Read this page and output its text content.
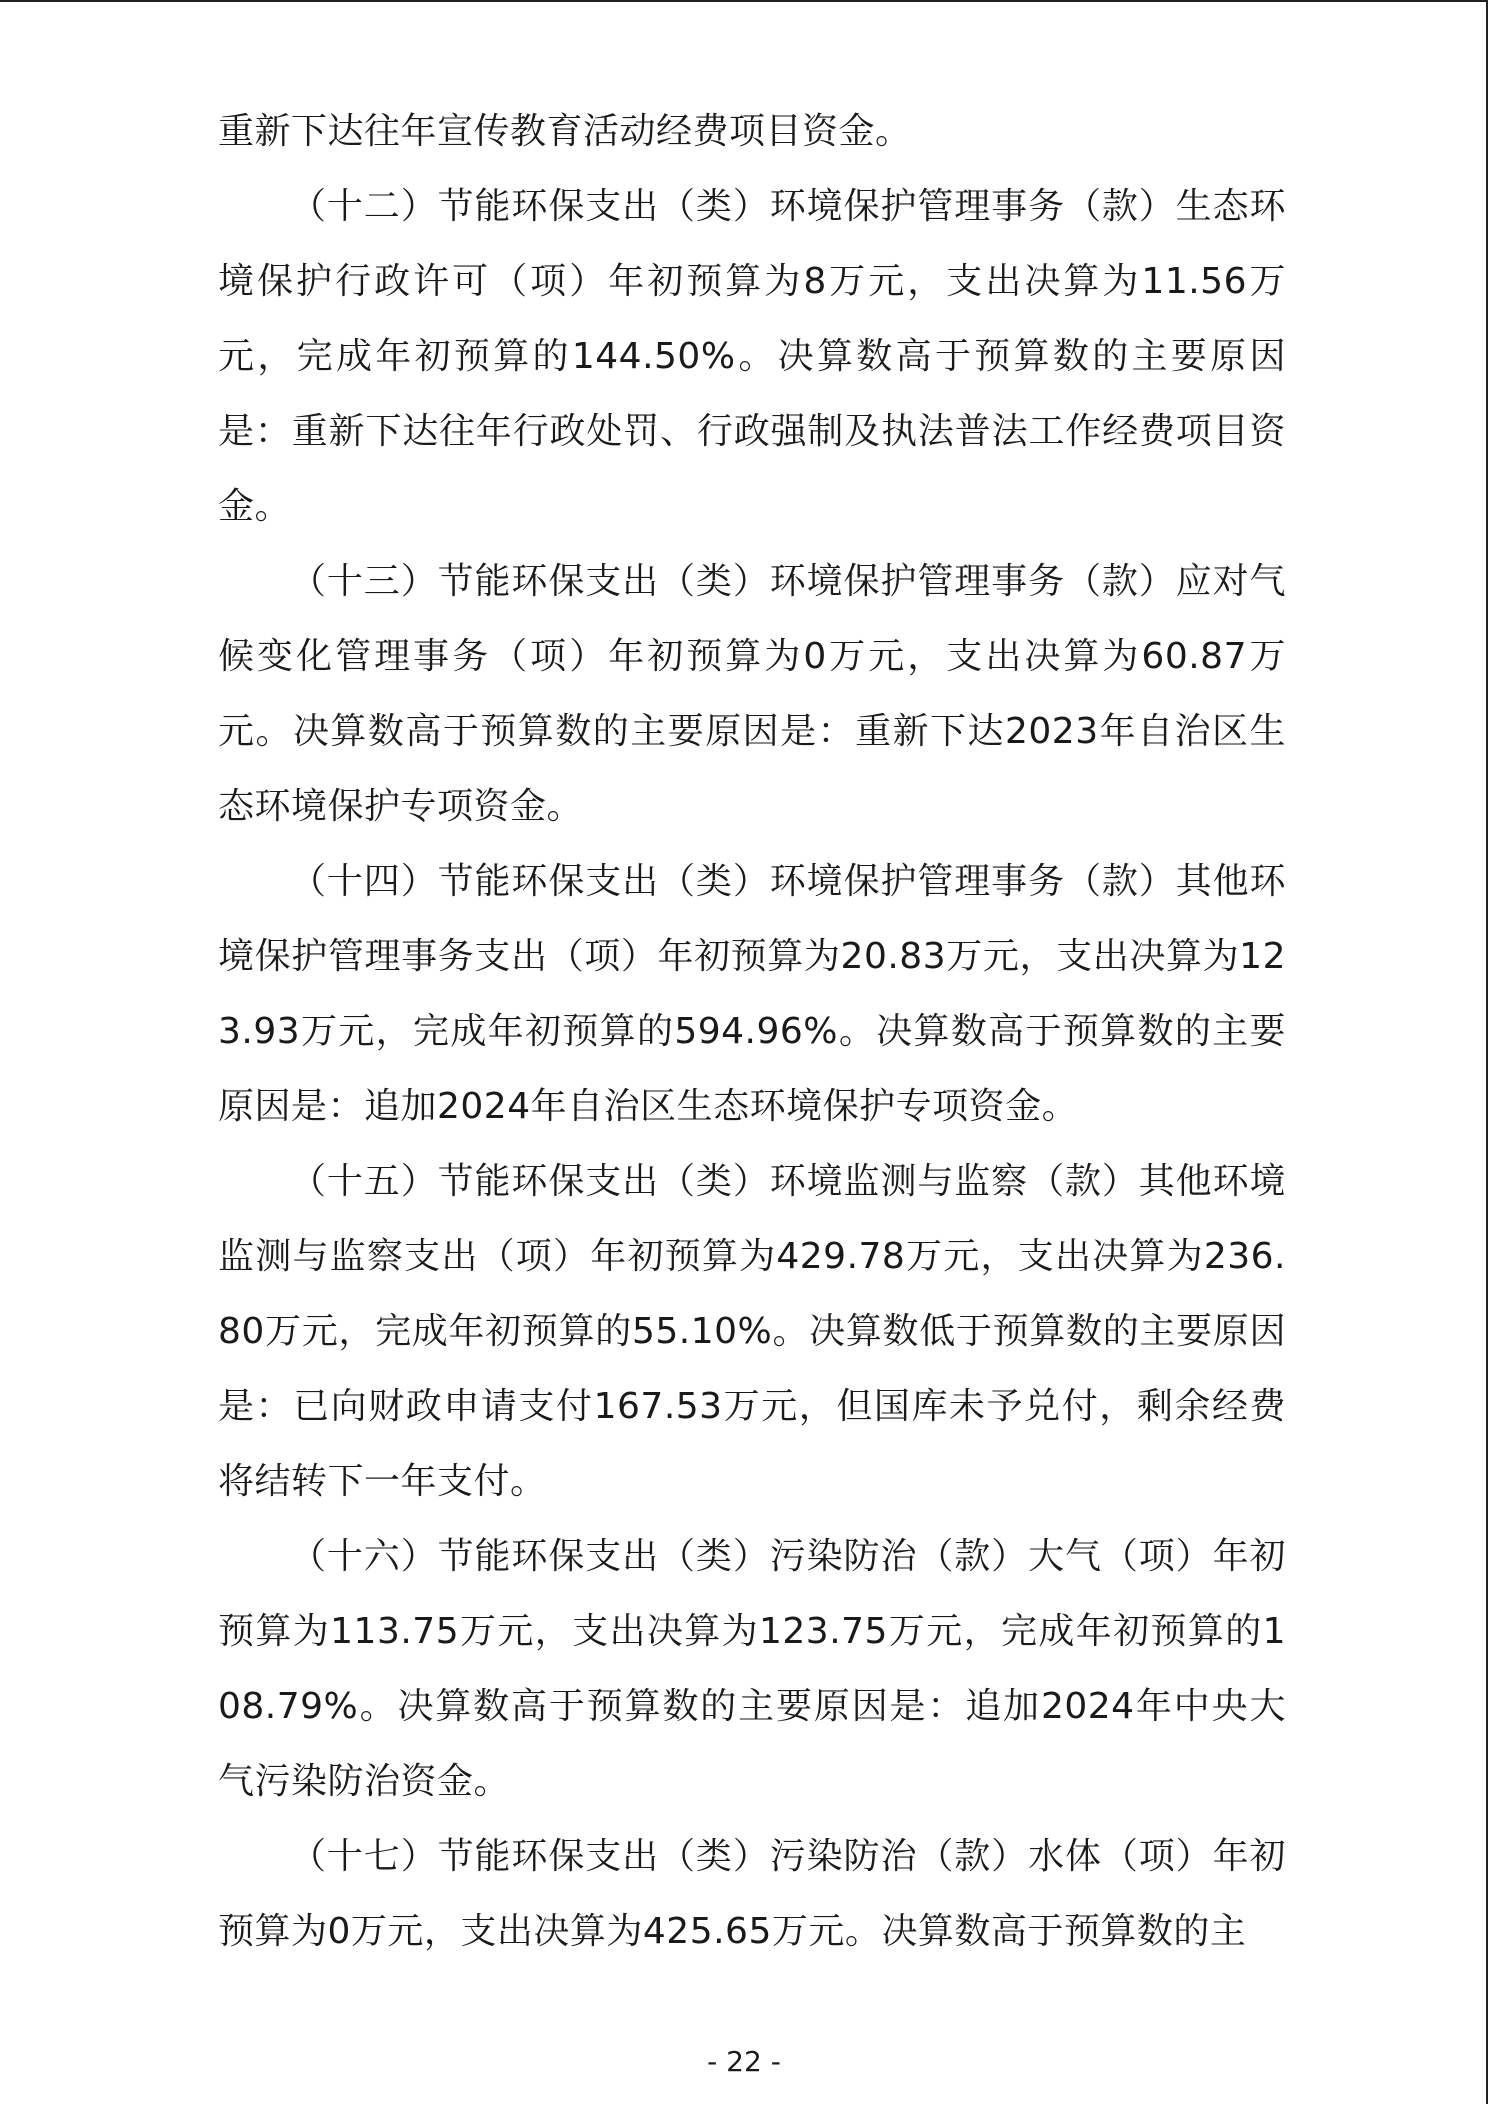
重新下达往年宣传教育活动经费项目资金。

（十二）节能环保支出（类）环境保护管理事务（款）生态环境保护行政许可（项）年初预算为8万元，支出决算为11.56万元，完成年初预算的144.50%。决算数高于预算数的主要原因是：重新下达往年行政处罚、行政强制及执法普法工作经费项目资金。

（十三）节能环保支出（类）环境保护管理事务（款）应对气候变化管理事务（项）年初预算为0万元，支出决算为60.87万元。决算数高于预算数的主要原因是：重新下达2023年自治区生态环境保护专项资金。

（十四）节能环保支出（类）环境保护管理事务（款）其他环境保护管理事务支出（项）年初预算为20.83万元，支出决算为123.93万元，完成年初预算的594.96%。决算数高于预算数的主要原因是：追加2024年自治区生态环境保护专项资金。

（十五）节能环保支出（类）环境监测与监察（款）其他环境监测与监察支出（项）年初预算为429.78万元，支出决算为236.80万元，完成年初预算的55.10%。决算数低于预算数的主要原因是：已向财政申请支付167.53万元，但国库未予兑付，剩余经费将结转下一年支付。

（十六）节能环保支出（类）污染防治（款）大气（项）年初预算为113.75万元，支出决算为123.75万元，完成年初预算的108.79%。决算数高于预算数的主要原因是：追加2024年中央大气污染防治资金。

（十七）节能环保支出（类）污染防治（款）水体（项）年初预算为0万元，支出决算为425.65万元。决算数高于预算数的主

- 22 -
